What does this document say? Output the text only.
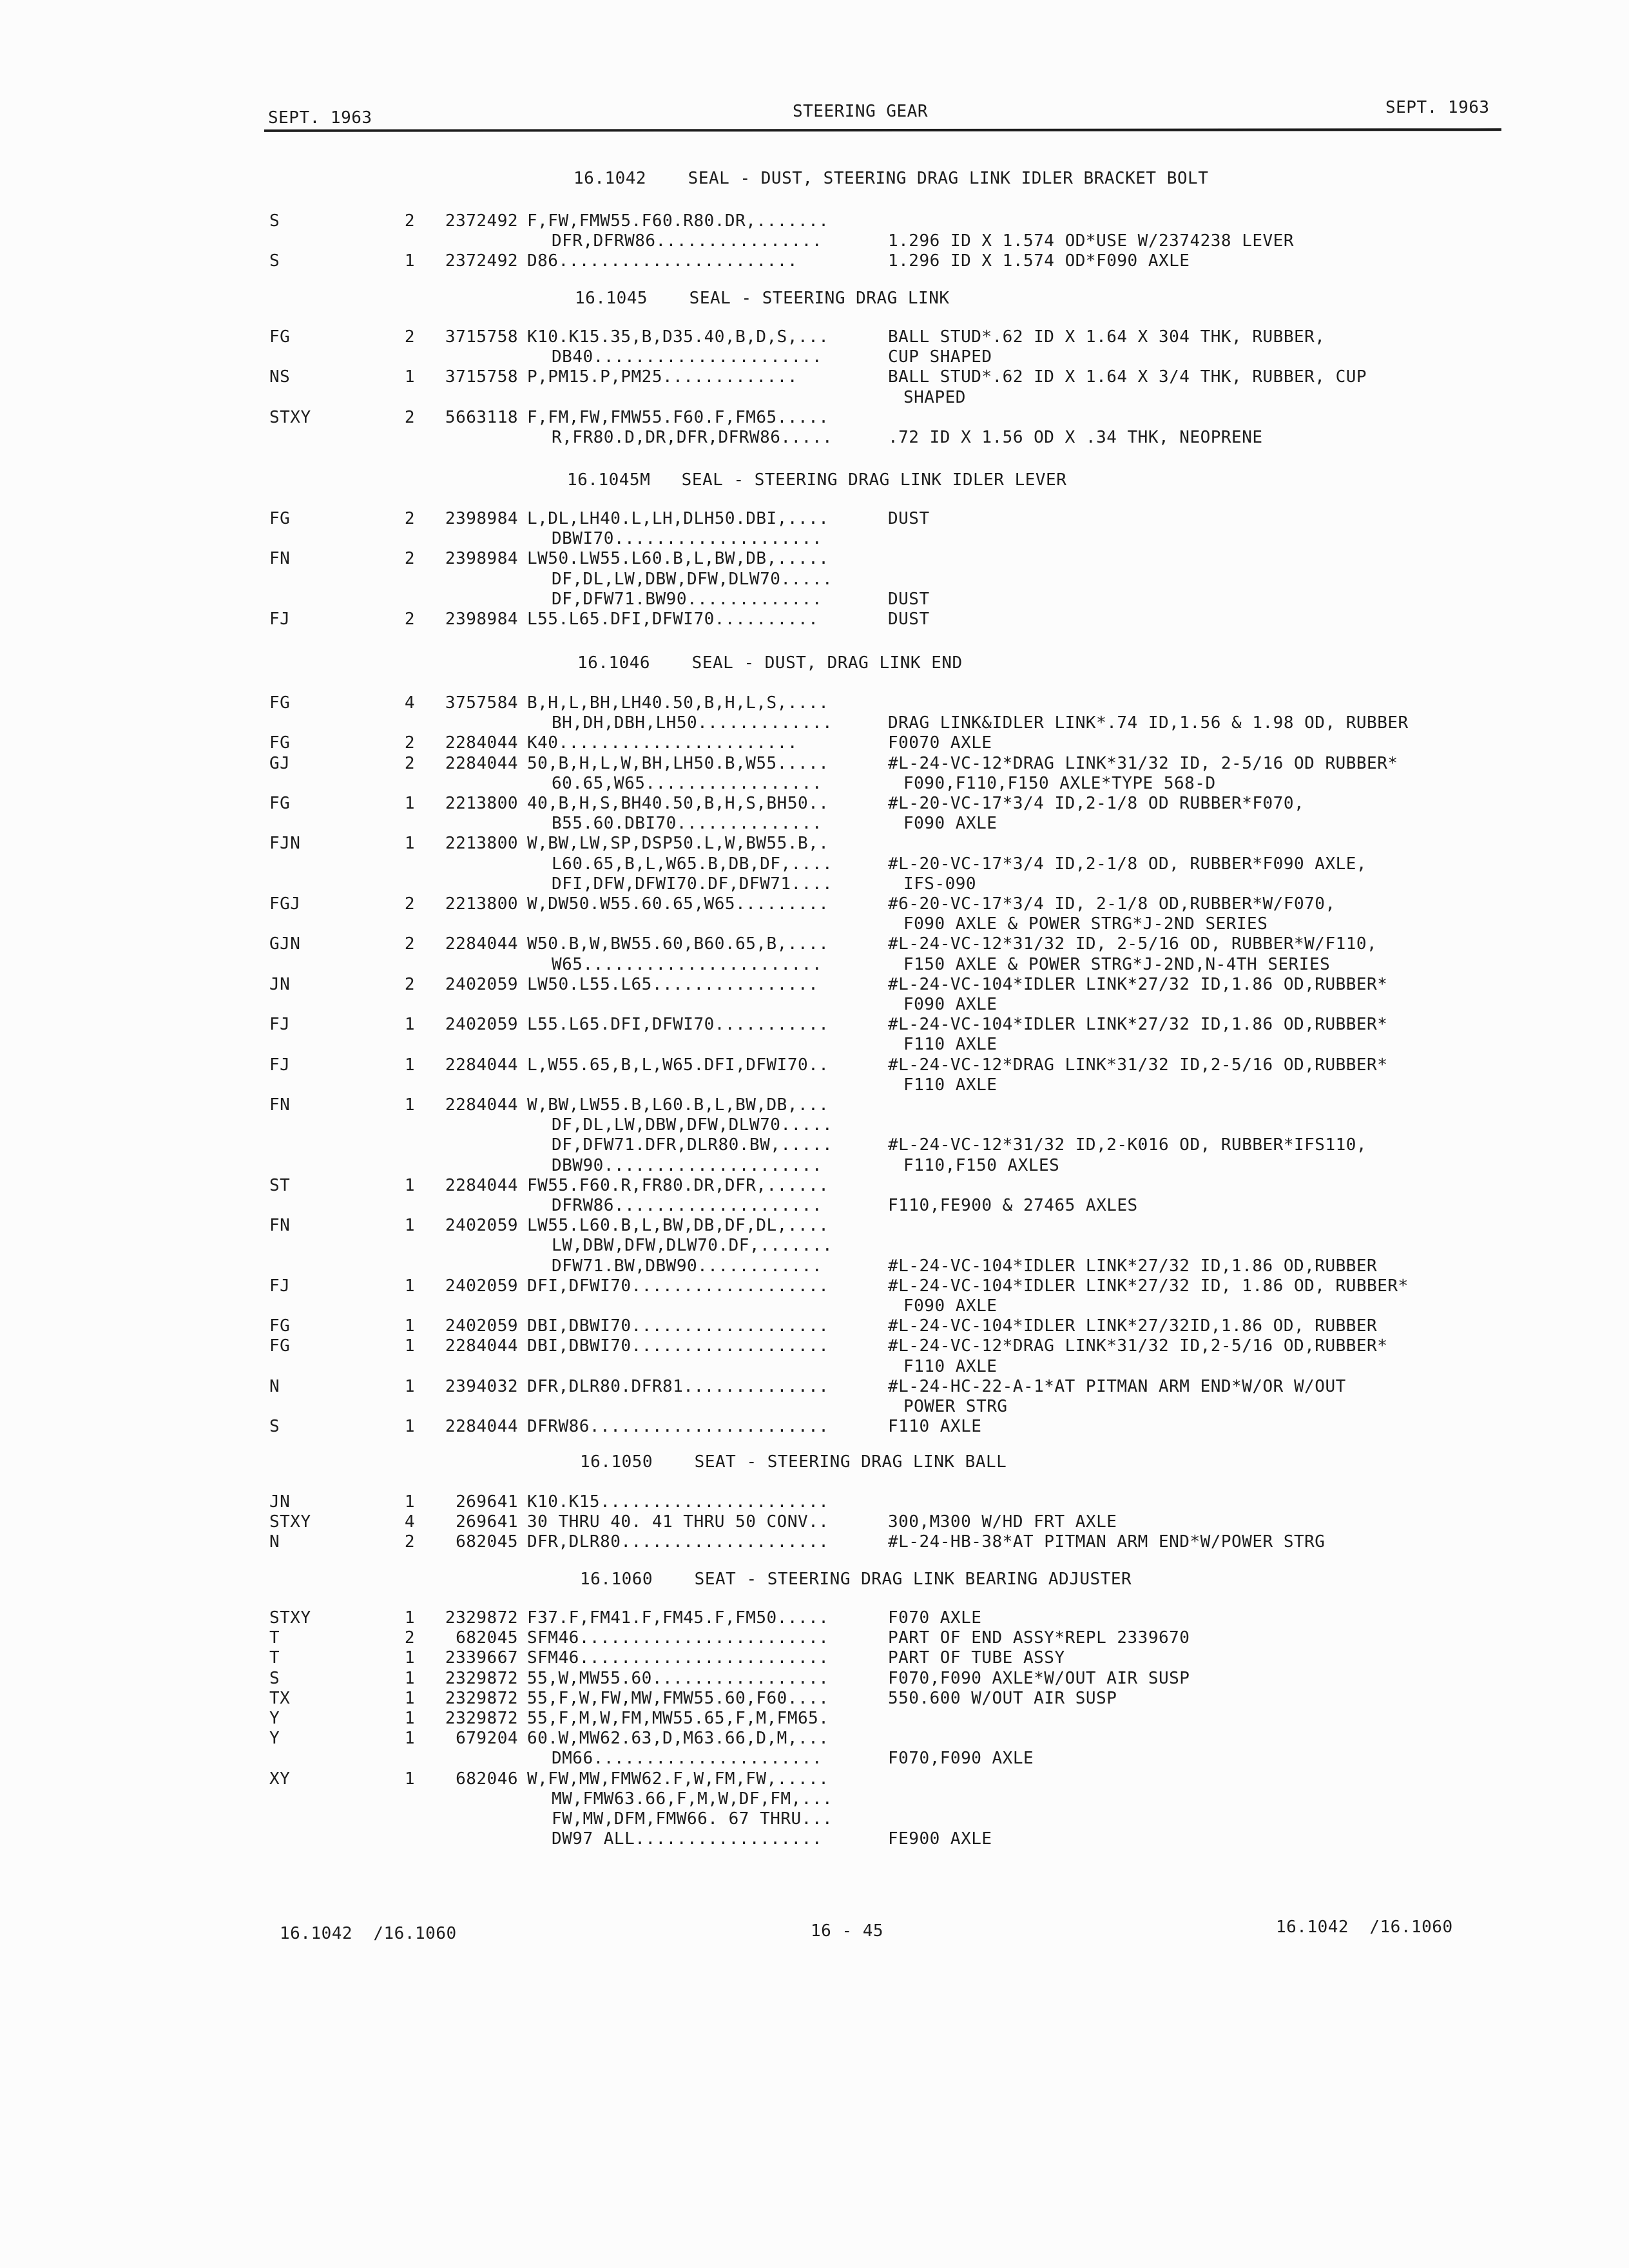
SEPT. 1963	STEERING GEAR	SEPT. 1963
16.1042    SEAL - DUST, STEERING DRAG LINK IDLER BRACKET BOLT
S	2	2372492 F,FW,FMW55.F60.R80.DR,.......
DFR,DFRW86................	1.296 ID X 1.574 OD*USE W/2374238 LEVER
S	1	2372492 D86.......................	1.296 ID X 1.574 OD*F090 AXLE
16.1045    SEAL - STEERING DRAG LINK
FG	2	3715758 K10.K15.35,B,D35.40,B,D,S,...	BALL STUD*.62 ID X 1.64 X 304 THK, RUBBER,
DB40......................	CUP SHAPED
NS	1	3715758 P,PM15.P,PM25.............	BALL STUD*.62 ID X 1.64 X 3/4 THK, RUBBER, CUP
SHAPED
STXY	2	5663118 F,FM,FW,FMW55.F60.F,FM65.....
R,FR80.D,DR,DFR,DFRW86.....	.72 ID X 1.56 OD X .34 THK, NEOPRENE
16.1045M   SEAL - STEERING DRAG LINK IDLER LEVER
FG	2	2398984 L,DL,LH40.L,LH,DLH50.DBI,....	DUST
DBWI70....................
FN	2	2398984 LW50.LW55.L60.B,L,BW,DB,.....
DF,DL,LW,DBW,DFW,DLW70.....
DF,DFW71.BW90.............	DUST
FJ	2	2398984 L55.L65.DFI,DFWI70..........	DUST
16.1046    SEAL - DUST, DRAG LINK END
FG	4	3757584 B,H,L,BH,LH40.50,B,H,L,S,....
BH,DH,DBH,LH50.............	DRAG LINK&IDLER LINK*.74 ID,1.56 & 1.98 OD, RUBBER
FG	2	2284044 K40.......................	F0070 AXLE
GJ	2	2284044 50,B,H,L,W,BH,LH50.B,W55.....	#L-24-VC-12*DRAG LINK*31/32 ID, 2-5/16 OD RUBBER*
60.65,W65.................	F090,F110,F150 AXLE*TYPE 568-D
FG	1	2213800 40,B,H,S,BH40.50,B,H,S,BH50..	#L-20-VC-17*3/4 ID,2-1/8 OD RUBBER*F070,
B55.60.DBI70..............	F090 AXLE
FJN	1	2213800 W,BW,LW,SP,DSP50.L,W,BW55.B,.
L60.65,B,L,W65.B,DB,DF,....	#L-20-VC-17*3/4 ID,2-1/8 OD, RUBBER*F090 AXLE,
DFI,DFW,DFWI70.DF,DFW71....	IFS-090
FGJ	2	2213800 W,DW50.W55.60.65,W65.........	#6-20-VC-17*3/4 ID, 2-1/8 OD,RUBBER*W/F070,
F090 AXLE & POWER STRG*J-2ND SERIES
GJN	2	2284044 W50.B,W,BW55.60,B60.65,B,....	#L-24-VC-12*31/32 ID, 2-5/16 OD, RUBBER*W/F110,
W65.......................	F150 AXLE & POWER STRG*J-2ND,N-4TH SERIES
JN	2	2402059 LW50.L55.L65................	#L-24-VC-104*IDLER LINK*27/32 ID,1.86 OD,RUBBER*
F090 AXLE
FJ	1	2402059 L55.L65.DFI,DFWI70...........	#L-24-VC-104*IDLER LINK*27/32 ID,1.86 OD,RUBBER*
F110 AXLE
FJ	1	2284044 L,W55.65,B,L,W65.DFI,DFWI70..	#L-24-VC-12*DRAG LINK*31/32 ID,2-5/16 OD,RUBBER*
F110 AXLE
FN	1	2284044 W,BW,LW55.B,L60.B,L,BW,DB,...
DF,DL,LW,DBW,DFW,DLW70.....
DF,DFW71.DFR,DLR80.BW,.....	#L-24-VC-12*31/32 ID,2-K016 OD, RUBBER*IFS110,
DBW90.....................	F110,F150 AXLES
ST	1	2284044 FW55.F60.R,FR80.DR,DFR,......
DFRW86....................	F110,FE900 & 27465 AXLES
FN	1	2402059 LW55.L60.B,L,BW,DB,DF,DL,....
LW,DBW,DFW,DLW70.DF,.......
DFW71.BW,DBW90............	#L-24-VC-104*IDLER LINK*27/32 ID,1.86 OD,RUBBER
FJ	1	2402059 DFI,DFWI70...................	#L-24-VC-104*IDLER LINK*27/32 ID, 1.86 OD, RUBBER*
F090 AXLE
FG	1	2402059 DBI,DBWI70...................	#L-24-VC-104*IDLER LINK*27/32ID,1.86 OD, RUBBER
FG	1	2284044 DBI,DBWI70...................	#L-24-VC-12*DRAG LINK*31/32 ID,2-5/16 OD,RUBBER*
F110 AXLE
N	1	2394032 DFR,DLR80.DFR81..............	#L-24-HC-22-A-1*AT PITMAN ARM END*W/OR W/OUT
POWER STRG
S	1	2284044 DFRW86.......................	F110 AXLE
16.1050    SEAT - STEERING DRAG LINK BALL
JN	1	269641 K10.K15......................
STXY	4	269641 30 THRU 40. 41 THRU 50 CONV..	300,M300 W/HD FRT AXLE
N	2	682045 DFR,DLR80....................	#L-24-HB-38*AT PITMAN ARM END*W/POWER STRG
16.1060    SEAT - STEERING DRAG LINK BEARING ADJUSTER
STXY	1	2329872 F37.F,FM41.F,FM45.F,FM50.....	F070 AXLE
T	2	682045 SFM46........................	PART OF END ASSY*REPL 2339670
T	1	2339667 SFM46........................	PART OF TUBE ASSY
S	1	2329872 55,W,MW55.60.................	F070,F090 AXLE*W/OUT AIR SUSP
TX	1	2329872 55,F,W,FW,MW,FMW55.60,F60....	550.600 W/OUT AIR SUSP
Y	1	2329872 55,F,M,W,FM,MW55.65,F,M,FM65.
Y	1	679204 60.W,MW62.63,D,M63.66,D,M,...
DM66......................	F070,F090 AXLE
XY	1	682046 W,FW,MW,FMW62.F,W,FM,FW,.....
MW,FMW63.66,F,M,W,DF,FM,...
FW,MW,DFM,FMW66. 67 THRU...
DW97 ALL..................	FE900 AXLE
16.1042  /16.1060	16 - 45	16.1042  /16.1060
